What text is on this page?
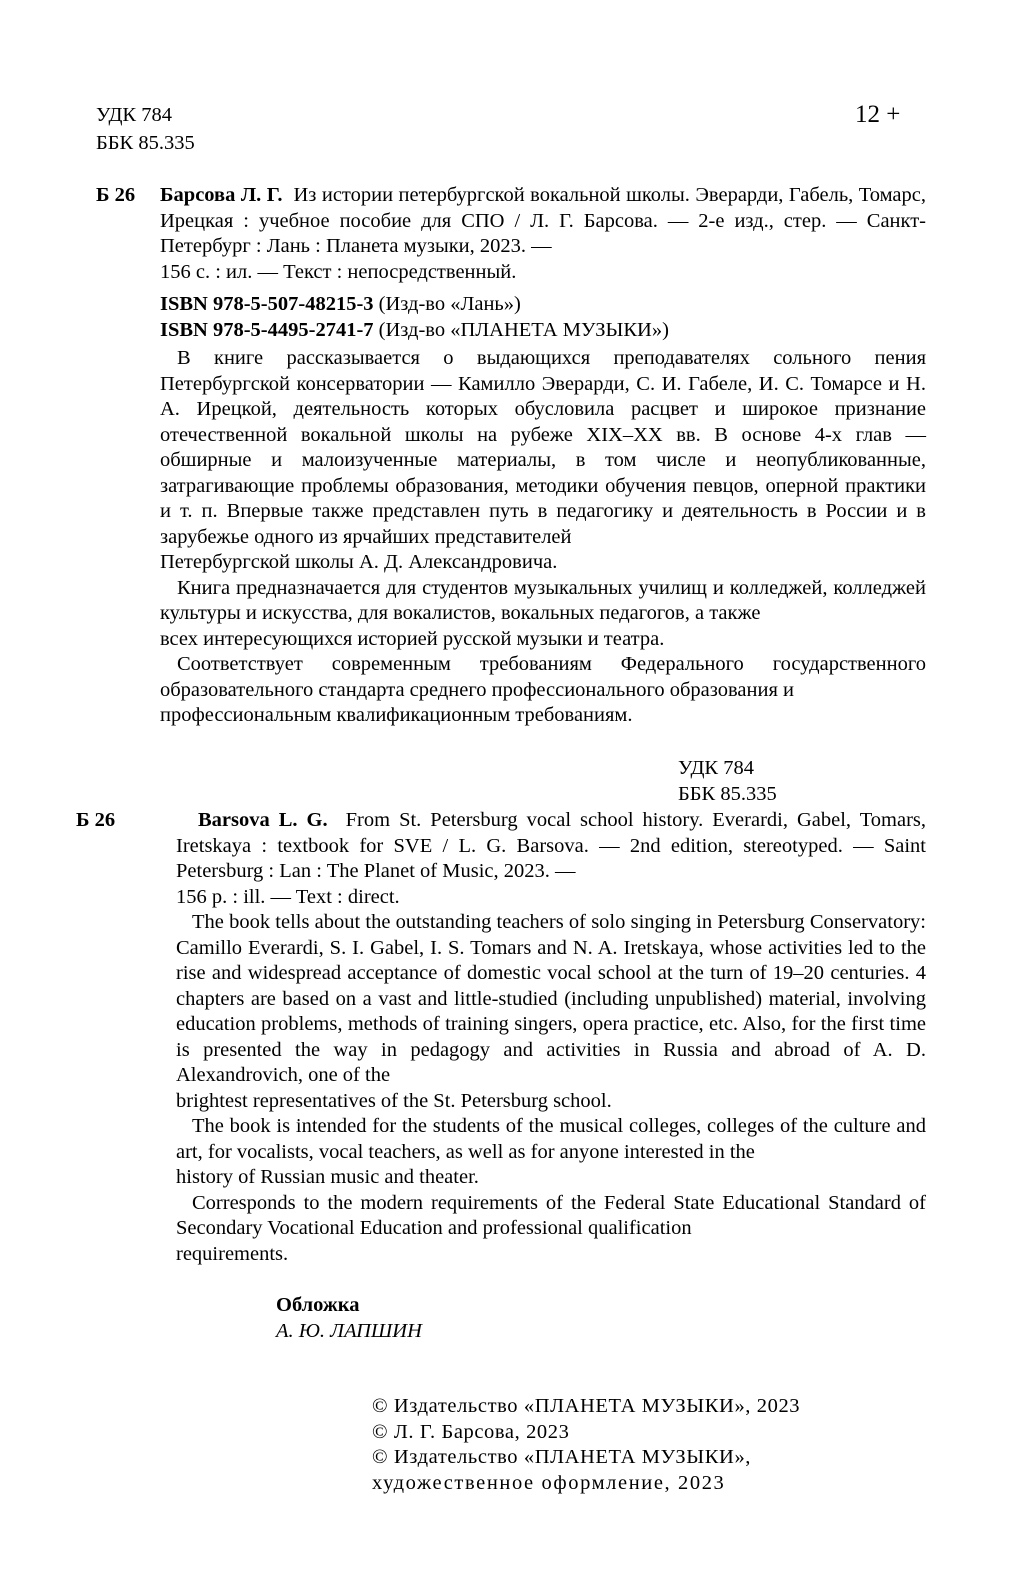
УДК 784
ББК 85.335
12 +
Б 26 Барсова Л. Г. Из истории петербургской вокальной школы. Эверарди, Габель, Томарс, Ирецкая : учебное пособие для СПО / Л. Г. Барсова. — 2-е изд., стер. — Санкт-Петербург : Лань : Планета музыки, 2023. —

156 с. : ил. — Текст : непосредственный.

ISBN 978-5-507-48215-3 (Изд-во «Лань»)
ISBN 978-5-4495-2741-7 (Изд-во «ПЛАНЕТА МУЗЫКИ»)

В книге рассказывается о выдающихся преподавателях сольного пения Петербургской консерватории — Камилло Эверарди, С. И. Габеле, И. С. Томарсе и Н. А. Ирецкой, деятельность которых обусловила расцвет и широкое признание отечественной вокальной школы на рубеже XIX–XX вв. В основе 4-х глав — обширные и малоизученные материалы, в том числе и неопубликованные, затрагивающие проблемы образования, методики обучения певцов, оперной практики и т. п. Впервые также представлен путь в педагогику и деятельность в России и в зарубежье одного из ярчайших представителей

Петербургской школы А. Д. Александровича.

Книга предназначается для студентов музыкальных училищ и колледжей, колледжей культуры и искусства, для вокалистов, вокальных педагогов, а также

всех интересующихся историей русской музыки и театра.

Соответствует современным требованиям Федерального государственного образовательного стандарта среднего профессионального образования и

профессиональным квалификационным требованиям.

УДК 784
ББК 85.335
Б 26	Barsova L. G. From St. Petersburg vocal school history. Everardi, Gabel, Tomars, Iretskaya : textbook for SVE / L. G. Barsova. — 2nd edition, stereotyped. — Saint Petersburg : Lan : The Planet of Music, 2023. —

156 p. : ill. — Text : direct.

The book tells about the outstanding teachers of solo singing in Petersburg Conservatory: Camillo Everardi, S. I. Gabel, I. S. Tomars and N. A. Iretskaya, whose activities led to the rise and widespread acceptance of domestic vocal school at the turn of 19–20 centuries. 4 chapters are based on a vast and little-studied (including unpublished) material, involving education problems, methods of training singers, opera practice, etc. Also, for the first time is presented the way in pedagogy and activities in Russia and abroad of A. D. Alexandrovich, one of the

brightest representatives of the St. Petersburg school.

The book is intended for the students of the musical colleges, colleges of the culture and art, for vocalists, vocal teachers, as well as for anyone interested in the

history of Russian music and theater.

Corresponds to the modern requirements of the Federal State Educational Standard of Secondary Vocational Education and professional qualification

requirements.

Обложка
А. Ю. ЛАПШИН

© Издательство «ПЛАНЕТА МУЗЫКИ», 2023

© Л. Г. Барсова, 2023

© Издательство «ПЛАНЕТА МУЗЫКИ»,

художественное оформление, 2023
